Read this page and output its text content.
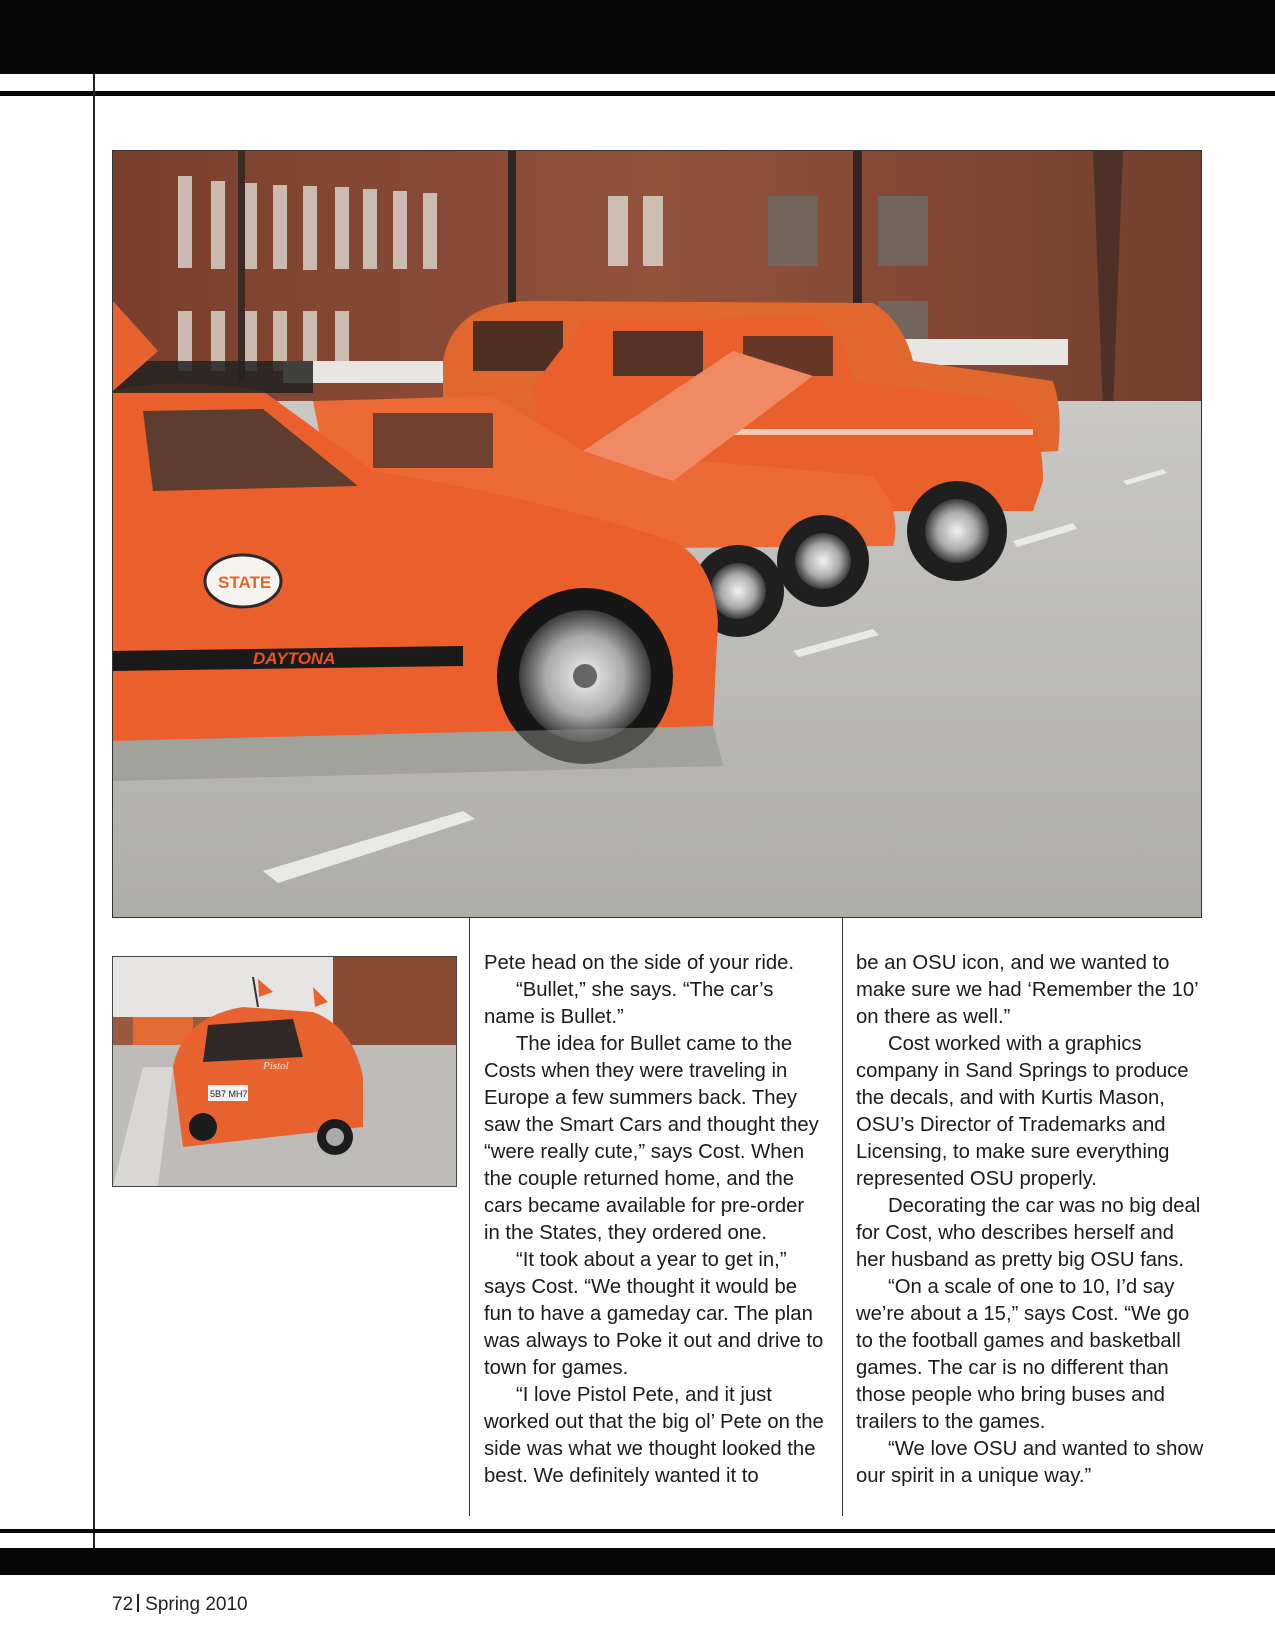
DAYTONA
STATE
5B7 MH7
Pistol

Pete head on the side of your ride.

“Bullet,” she says. “The car’s name is Bullet.”

The idea for Bullet came to the Costs when they were traveling in Europe a few summers back. They saw the Smart Cars and thought they “were really cute,” says Cost. When the couple returned home, and the cars became available for pre-order in the States, they ordered one.

“It took about a year to get in,” says Cost. “We thought it would be fun to have a gameday car. The plan was always to Poke it out and drive to town for games.

“I love Pistol Pete, and it just worked out that the big ol’ Pete on the side was what we thought looked the best. We definitely wanted it to

be an OSU icon, and we wanted to make sure we had ‘Remember the 10’ on there as well.”

Cost worked with a graphics company in Sand Springs to produce the decals, and with Kurtis Mason, OSU’s Director of Trademarks and Licensing, to make sure everything represented OSU properly.

Decorating the car was no big deal for Cost, who describes herself and her husband as pretty big OSU fans.

“On a scale of one to 10, I’d say we’re about a 15,” says Cost. “We go to the football games and basketball games. The car is no different than those people who bring buses and trailers to the games.

“We love OSU and wanted to show our spirit in a unique way.”

72 Spring 2010
